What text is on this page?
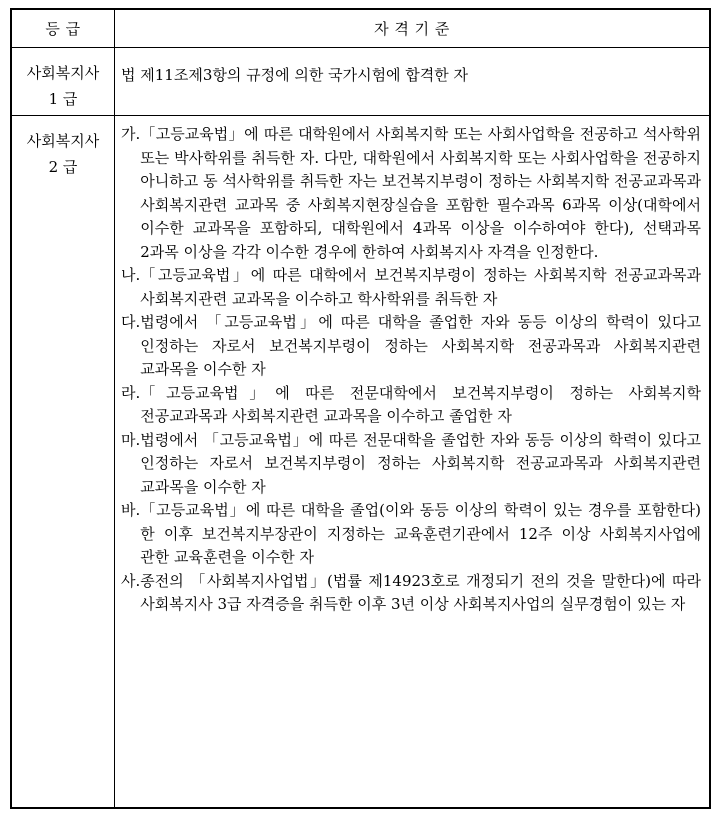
등 급	자 격 기 준
사회복지사
1 급
법 제11조제3항의 규정에 의한 국가시험에 합격한 자
사회복지사
2 급
가. 「고등교육법」에 따른 대학원에서 사회복지학 또는 사회사업학을 전공하고 석사학위 또는 박사학위를 취득한 자. 다만, 대학원에서 사회복지학 또는 사회사업학을 전공하지 아니하고 동 석사학위를 취득한 자는 보건복지부령이 정하는 사회복지학 전공교과목과 사회복지관련 교과목 중 사회복지현장실습을 포함한 필수과목 6과목 이상(대학에서 이수한 교과목을 포함하되, 대학원에서 4과목 이상을 이수하여야 한다), 선택과목 2과목 이상을 각각 이수한 경우에 한하여 사회복지사 자격을 인정한다.
나. 「고등교육법」에 따른 대학에서 보건복지부령이 정하는 사회복지학 전공교과목과 사회복지관련 교과목을 이수하고 학사학위를 취득한 자
다. 법령에서 「고등교육법」에 따른 대학을 졸업한 자와 동등 이상의 학력이 있다고 인정하는 자로서 보건복지부령이 정하는 사회복지학 전공과목과 사회복지관련 교과목을 이수한 자
라. 「고등교육법」에 따른 전문대학에서 보건복지부령이 정하는 사회복지학 전공교과목과 사회복지관련 교과목을 이수하고 졸업한 자
마. 법령에서 「고등교육법」에 따른 전문대학을 졸업한 자와 동등 이상의 학력이 있다고 인정하는 자로서 보건복지부령이 정하는 사회복지학 전공교과목과 사회복지관련 교과목을 이수한 자
바. 「고등교육법」에 따른 대학을 졸업(이와 동등 이상의 학력이 있는 경우를 포함한다)한 이후 보건복지부장관이 지정하는 교육훈련기관에서 12주 이상 사회복지사업에 관한 교육훈련을 이수한 자
사. 종전의 「사회복지사업법」(법률 제14923호로 개정되기 전의 것을 말한다)에 따라 사회복지사 3급 자격증을 취득한 이후 3년 이상 사회복지사업의 실무경험이 있는 자
